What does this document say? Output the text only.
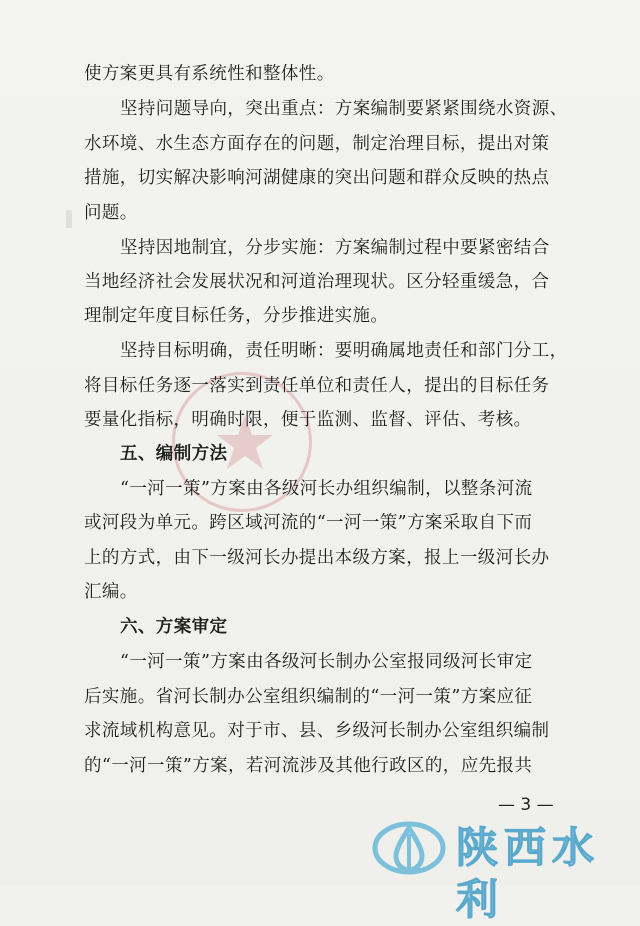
使方案更具有系统性和整体性。
坚持问题导向，突出重点：方案编制要紧紧围绕水资源、
水环境、水生态方面存在的问题，制定治理目标，提出对策
措施，切实解决影响河湖健康的突出问题和群众反映的热点
问题。
坚持因地制宜，分步实施：方案编制过程中要紧密结合
当地经济社会发展状况和河道治理现状。区分轻重缓急，合
理制定年度目标任务，分步推进实施。
坚持目标明确，责任明晰：要明确属地责任和部门分工，
将目标任务逐一落实到责任单位和责任人，提出的目标任务
要量化指标，明确时限，便于监测、监督、评估、考核。
五、编制方法
“一河一策”方案由各级河长办组织编制，以整条河流
或河段为单元。跨区域河流的“一河一策”方案采取自下而
上的方式，由下一级河长办提出本级方案，报上一级河长办
汇编。
六、方案审定
“一河一策”方案由各级河长制办公室报同级河长审定
后实施。省河长制办公室组织编制的“一河一策”方案应征
求流域机构意见。对于市、县、乡级河长制办公室组织编制
的“一河一策”方案，若河流涉及其他行政区的，应先报共
— 3 —
陕西水利
